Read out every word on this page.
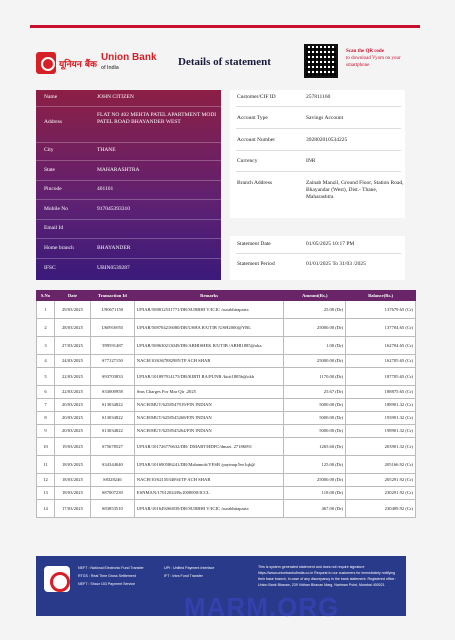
यूनियन बैंक
Union Bank
of India	Details of statement
Scan the QR code
to download Vyom on your smartphone
Name	JOHN CITIZEN
Address
FLAT NO 402 MEHTA PATEL APARTMENT MODI PATEL ROAD BHAYANDER WEST
City	THANE
State	MAHARASHTRA
Pincode	401101
Mobile No	917045393310
Email Id
Home branch	BHAYANDER
IFSC	UBIN0539287
Customer/CIF ID	257811160
Account Type	Savings Account
Account Number	392802010534225
Currency	INR
Branch Address	Zainab Manzil, Ground Floor, Station Road, Bhayandar (West), Dist.- Thane, Maharashtra
Statement Date	01/05/2025 10:17 PM
Statement Period	01/01/2025 To 31/03 /2025
S.No	Date	Transaction Id	Remarks	Amount(Rs.)	Balance(Rs.)
1	29/03/2025	U90671150	UPIAR/508812531771/DR/SURBHI V/ICIC /surabhitaparia	25.00 (Dr)	137679.65 (Cr)
2	28/03/2025	U60916955	UPIAR/508704216080/DR/USHA R/UTIB /USH2000@YBL	25000.00 (Dr)	137704.65 (Cr)
3	27/03/2025	T89591487	UPIAR/508630213049/DR/ABHISHEK R/UTIB /ABHI1885@oka	1.00 (Dr)	162704.65 (Cr)
4	24/03/2025	S77127150	NACH/10/6367882985/TP ACH SHAR	25000.00 (Dr)	162705.65 (Cr)
5	22/03/2025	S93703833	UPIAR/101897914175/DR/KIRTI RA/PUNB /kirti1805b@okh	1170.00 (Dr)	187705.65 (Cr)
6	22/03/2025	S33000958	Sms Charges For Mar Qtr ,2025	25.67 (Dr)	188875.65 (Cr)
7	20/03/2025	S13034822	NACH/MUT/6258547919/FIN INDIAN	5000.00 (Dr)	188901.32 (Cr)
8	20/03/2025	S13034822	NACH/MUT/6258545268/FIN INDIAN	5000.00 (Dr)	193901.32 (Cr)
9	20/03/2025	S13034822	NACH/MUT/6258545264/FIN INDIAN	5000.00 (Dr)	198901.32 (Cr)
10	19/03/2025	S75678527	UPIAR/101726776632/DR/ DMART/HDFC/dmart. 27186091	1265.60 (Dr)	203901.32 (Cr)
11	18/03/2025	S34344040	UPIAR/101690586241/DR/Mahamob/YESB /paytmqr5ee1qk@	125.00 (Dr)	205166.92 (Cr)
12	18/03/2025	S8328246	NACH/10/6215034094/TP ACH SHAR	25000.00 (Dr)	205291.92 (Cr)
13	18/03/2025	S87007239	ESNMAN/17012024/Rs1000000/ICCL	118.00 (Dr)	230291.92 (Cr)
14	17/03/2025	S83853510	UPIAR/101649266839/DR/SURBHI V/ICIC /surabhitaparia	467.00 (Dr)	230409.92 (Cr)
NEFT : National Electronic Fund Transfer
RTGS : Real Time Gross Settlement
NEFT : Shaur 103 Payment Service
UPI : Unified Payment Interface
IFT : Intra Fund Transfer
This is system generated statement and does not require signature https://www.unionbankofindia.co.in Request to our customers for immediately notifying their base branch, in case of any discrepancy in the bank statement. Registered office : Union Bank Bhavan, 239 Vidhan Bhavan Marg, Nariman Point, Mumbai 400021
MARM.ORG
